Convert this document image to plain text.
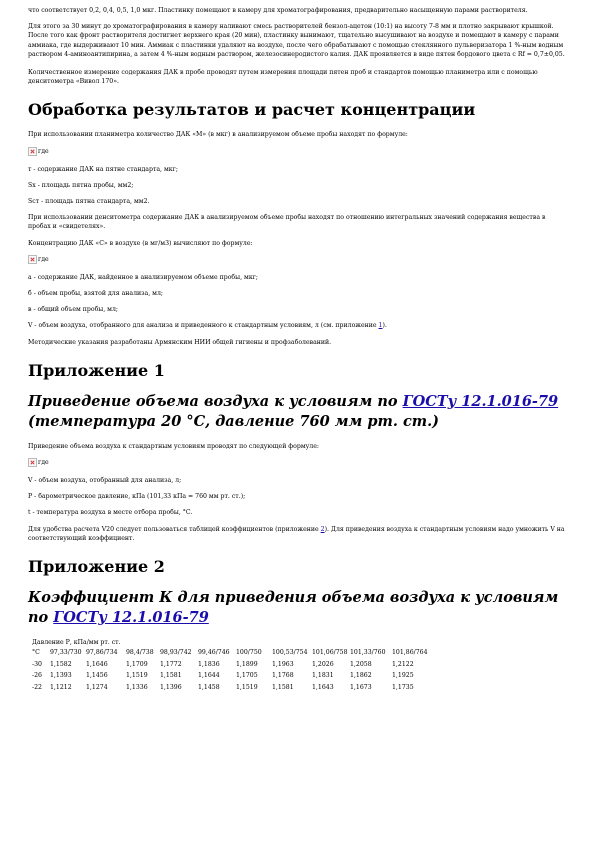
что соответствует 0,2, 0,4, 0,5, 1,0 мкг. Пластинку помещают в камеру для хроматографирования, предварительно насыщенную парами растворителя.

Для этого за 30 минут до хроматографирования в камеру наливают смесь растворителей бензол-ацетон (10:1) на высоту 7-8 мм и плотно закрывают крышкой. После того как фронт растворителя достигнет верхнего края (20 мин), пластинку вынимают, тщательно высушивают на воздухе и помещают в камеру с парами аммиака, где выдерживают 10 мин. Аммиак с пластинки удаляют на воздухе, после чего обрабатывают с помощью стеклянного пульверизатора 1 %-ным водным раствором 4-аминоантипирина, а затем 4 %-ным водным раствором, железосинеродистого калия. ДАК проявляется в виде пятен бордового цвета с Rf = 0,7±0,05.

Количественное измерение содержания ДАК в пробе проводят путем измерения площади пятен проб и стандартов помощью планиметра или с помощью денситометра «Вивол 170».

Обработка результатов и расчет концентрации

При использовании планиметра количество ДАК «М» (в мкг) в анализируемом объеме пробы находят по формуле:

где

т - содержание ДАК на пятне стандарта, мкг;

Sx - площадь пятна пробы, мм2;

Sст - площадь пятна стандарта, мм2.

При использовании денситометра содержание ДАК в анализируемом объеме пробы находят по отношению интегральных значений содержания вещества в пробах и «свидетелях».

Концентрацию ДАК «С» в воздухе (в мг/м3) вычисляют по формуле:

где

а - содержание ДАК, найденное в анализируемом объеме пробы, мкг;

б - объем пробы, взятой для анализа, мл;

в - общий объем пробы, мл;

V - объем воздуха, отобранного для анализа и приведенного к стандартным условиям, л (см. приложение 1).

Методические указания разработаны Армянским НИИ общей гигиены и профзаболеваний.

Приложение 1
Приведение объема воздуха к условиям по ГОСТу 12.1.016-79 (температура 20 °С, давление 760 мм рт. ст.)

Приведение объема воздуха к стандартным условиям проводят по следующей формуле:

где

V - объем воздуха, отобранный для анализа, л;

Р - барометрическое давление, кПа (101,33 кПа = 760 мм рт. ст.);

t - температура воздуха в месте отбора пробы, °С.

Для удобства расчета V20 следует пользоваться таблицей коэффициентов (приложение 2). Для приведения воздуха к стандартным условиям надо умножить V на соответствующий коэффициент.

Приложение 2
Коэффициент К для приведения объема воздуха к условиям по ГОСТу 12.1.016-79

Давление Р, кПа/мм рт. ст.

°С	97,33/730 97,86/734	98,4/738	98,93/742	99,46/746	100/750	100,53/754 101,06/758 101,33/760	101,86/764
-30	1,1582	1,1646	1,1709	1,1772	1,1836	1,1899	1,1963	1,2026	1,2058	1,2122
-26	1,1393	1,1456	1,1519	1,1581	1,1644	1,1705	1,1768	1,1831	1,1862	1,1925
-22	1,1212	1,1274	1,1336	1,1396	1,1458	1,1519	1,1581	1,1643	1,1673	1,1735
